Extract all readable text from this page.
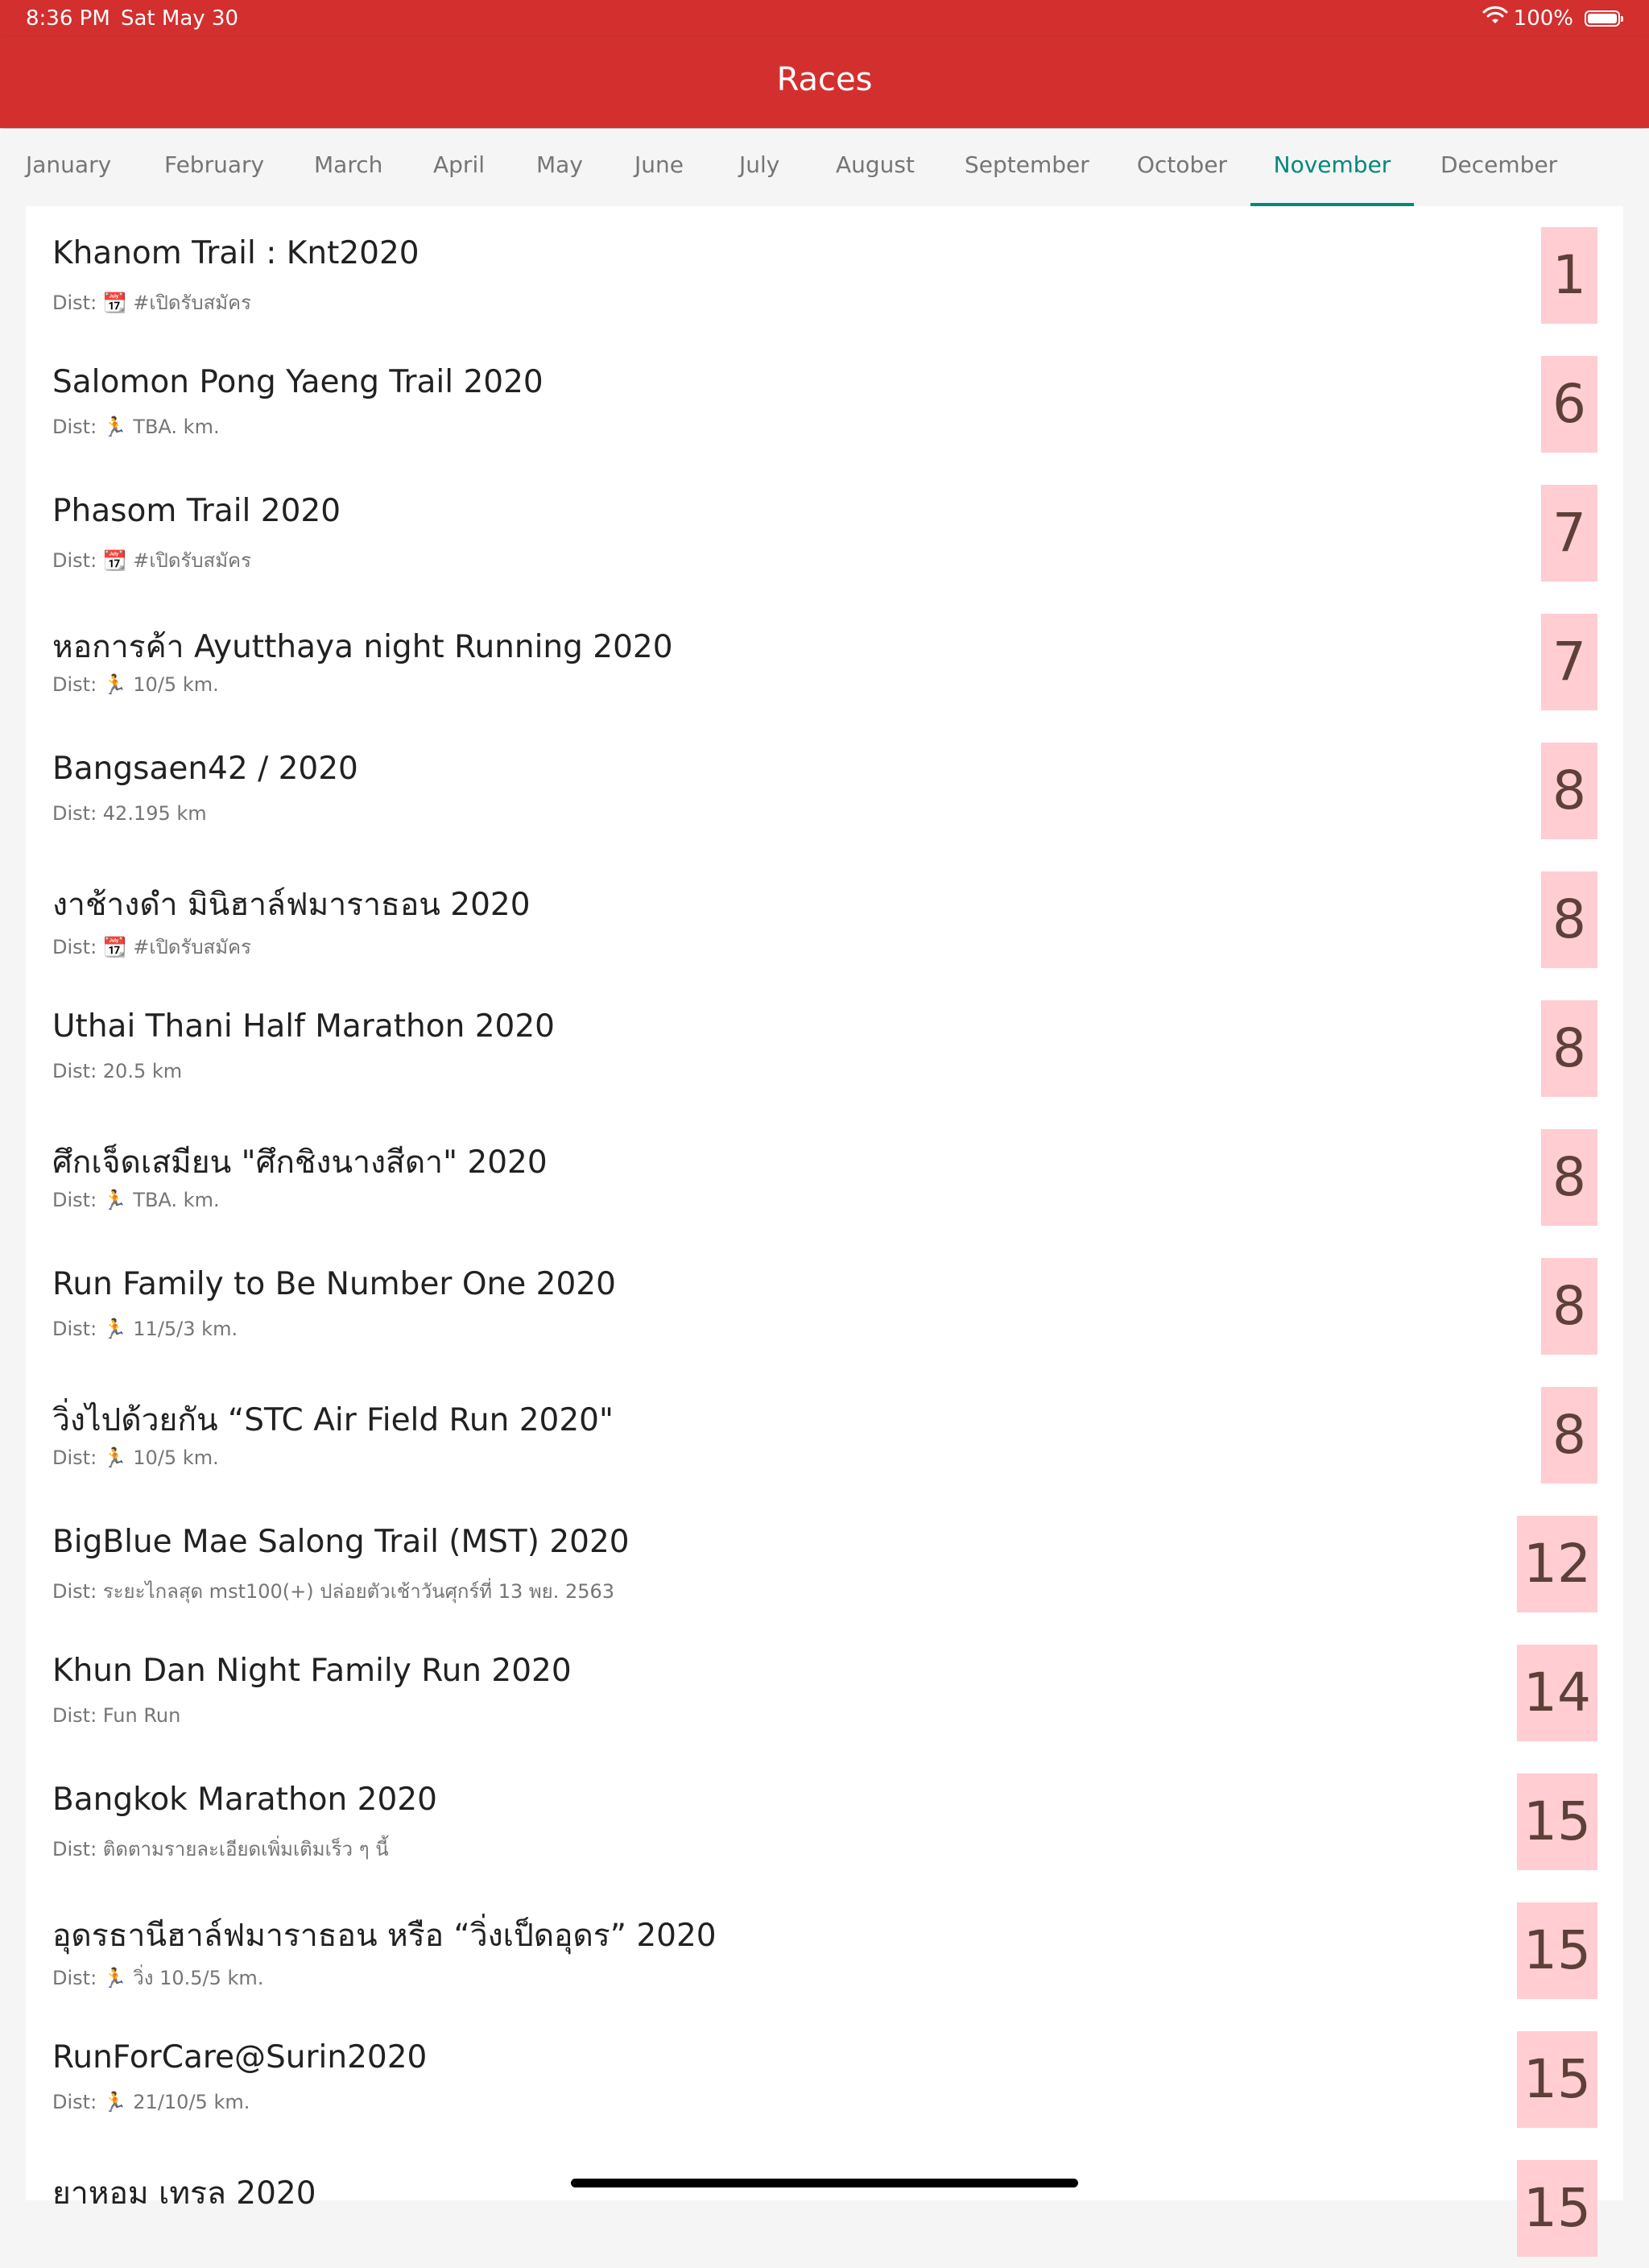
8:36 PM Sat May 30	100%
Races
January	February March	April	May	June	July	August	September October	November	December
Khanom Trail : Knt2020
Dist: 📆 #เปิดรับสมัคร	1
Salomon Pong Yaeng Trail 2020
Dist: 🏃 TBA. km.	6
Phasom Trail 2020
Dist: 📆 #เปิดรับสมัคร	7
หอการค้า Ayutthaya night Running 2020
Dist: 🏃 10/5 km.	7
Bangsaen42 / 2020
Dist: 42.195 km	8
งาช้างดำ มินิฮาล์ฟมาราธอน 2020
Dist: 📆 #เปิดรับสมัคร	8
Uthai Thani Half Marathon 2020
Dist: 20.5 km	8
ศึกเจ็ดเสมียน "ศึกชิงนางสีดา" 2020
Dist: 🏃 TBA. km.	8
Run Family to Be Number One 2020
Dist: 🏃 11/5/3 km.	8
วิ่งไปด้วยกัน “STC Air Field Run 2020"
Dist: 🏃 10/5 km.	8
BigBlue Mae Salong Trail (MST) 2020
Dist: ระยะไกลสุด mst100(+) ปล่อยตัวเช้าวันศุกร์ที่ 13 พย. 2563	12
Khun Dan Night Family Run 2020
Dist: Fun Run	14
Bangkok Marathon 2020
Dist: ติดตามรายละเอียดเพิ่มเติมเร็ว ๆ นี้	15
อุดรธานีฮาล์ฟมาราธอน หรือ “วิ่งเป็ดอุดร” 2020
Dist: 🏃 วิ่ง 10.5/5 km.	15
RunForCare@Surin2020
Dist: 🏃 21/10/5 km.	15
ยาหอม เทรล 2020	15
